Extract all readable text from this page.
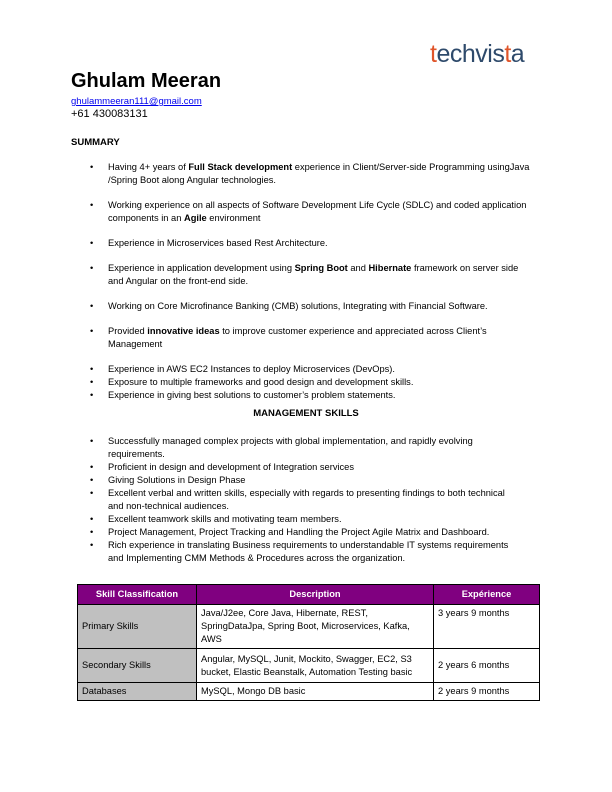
techvista
Ghulam Meeran
ghulammeeran111@gmail.com
+61 430083131
SUMMARY
• Having 4+ years of Full Stack development experience in Client/Server-side Programming usingJava /Spring Boot along Angular technologies.
• Working experience on all aspects of Software Development Life Cycle (SDLC) and coded application components in an Agile environment
• Experience in Microservices based Rest Architecture.
• Experience in application development using Spring Boot and Hibernate framework on server side and Angular on the front-end side.
• Working on Core Microfinance Banking (CMB) solutions, Integrating with Financial Software.
• Provided innovative ideas to improve customer experience and appreciated across Client’s Management
• Experience in AWS EC2 Instances to deploy Microservices (DevOps).
• Exposure to multiple frameworks and good design and development skills.
• Experience in giving best solutions to customer’s problem statements.
MANAGEMENT SKILLS
• Successfully managed complex projects with global implementation, and rapidly evolving requirements.
• Proficient in design and development of Integration services
• Giving Solutions in Design Phase
• Excellent verbal and written skills, especially with regards to presenting findings to both technical and non-technical audiences.
• Excellent teamwork skills and motivating team members.
• Project Management, Project Tracking and Handling the Project Agile Matrix and Dashboard.
• Rich experience in translating Business requirements to understandable IT systems requirements and Implementing CMM Methods & Procedures across the organization.
Skill Classification	Description	Expérience
Primary Skills	Java/J2ee, Core Java, Hibernate, REST, SpringDataJpa, Spring Boot, Microservices, Kafka, AWS	3 years 9 months
Secondary Skills	Angular, MySQL, Junit, Mockito, Swagger, EC2, S3 bucket, Elastic Beanstalk, Automation Testing basic	2 years 6 months
Databases	MySQL, Mongo DB basic	2 years 9 months
